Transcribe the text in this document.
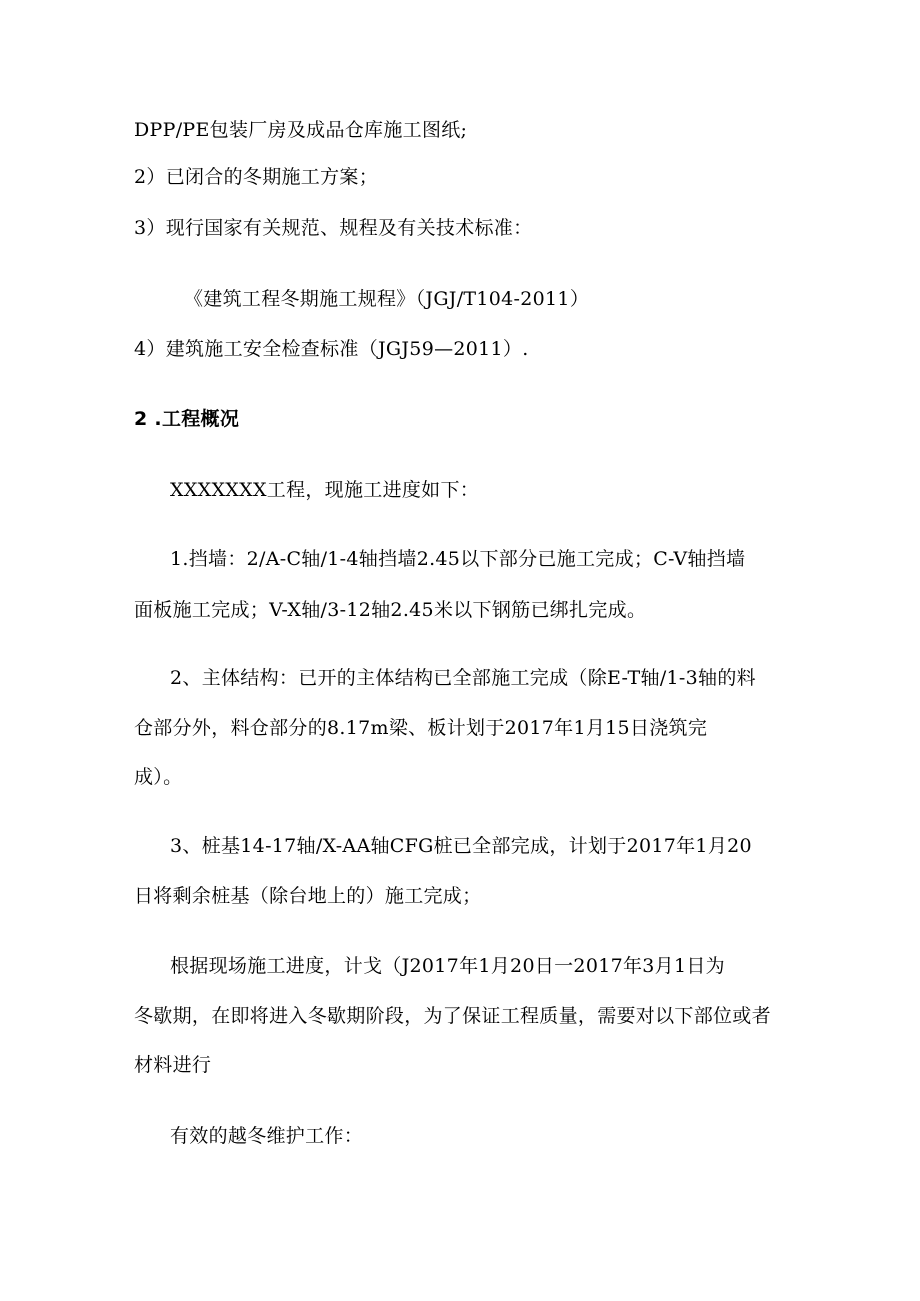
DPP/PE包装厂房及成品仓库施工图纸;
2）已闭合的冬期施工方案；
3）现行国家有关规范、规程及有关技术标准：
《建筑工程冬期施工规程》（JGJ/T104-2011）
4）建筑施工安全检查标准（JGJ59—2011）.
2 .工程概况
XXXXXXX工程，现施工进度如下：
1.挡墙：2/A-C轴/1-4轴挡墙2.45以下部分已施工完成；C-V轴挡墙
面板施工完成；V-X轴/3-12轴2.45米以下钢筋已绑扎完成。
2、主体结构：已开的主体结构已全部施工完成（除E-T轴/1-3轴的料
仓部分外，料仓部分的8.17m梁、板计划于2017年1月15日浇筑完
成）。
3、桩基14-17轴/X-AA轴CFG桩已全部完成，计划于2017年1月20
日将剩余桩基（除台地上的）施工完成；
根据现场施工进度，计戈（J2017年1月20日一2017年3月1日为
冬歇期，在即将进入冬歇期阶段，为了保证工程质量，需要对以下部位或者
材料进行
有效的越冬维护工作：
